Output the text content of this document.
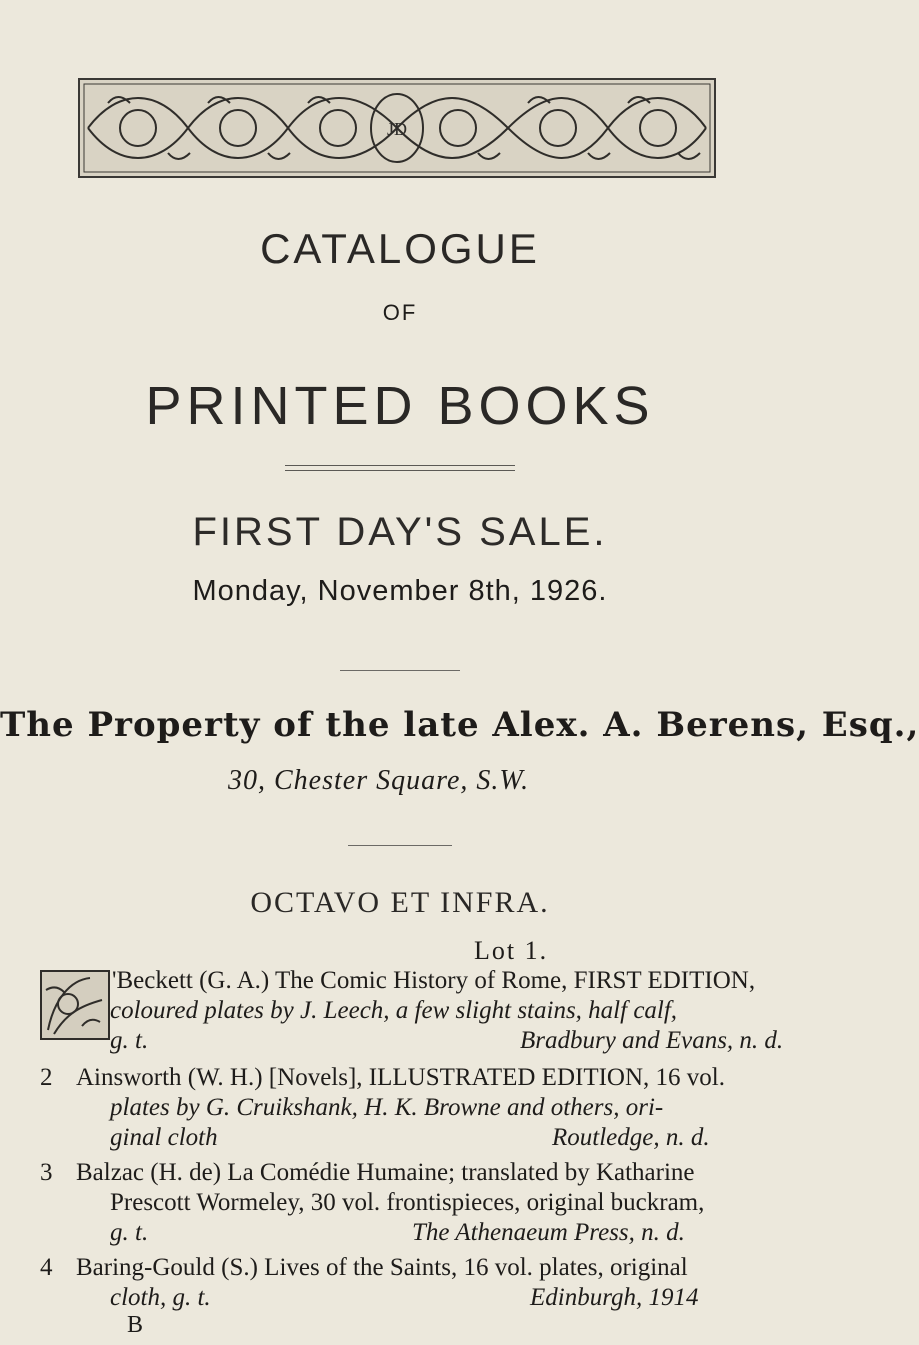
JD
CATALOGUE
OF
PRINTED BOOKS
FIRST DAY'S SALE.
Monday, November 8th, 1926.
The Property of the late Alex. A. Berens, Esq.,
30, Chester Square, S.W.
OCTAVO ET INFRA.
Lot 1.
'Beckett (G. A.) The Comic History of Rome, FIRST EDITION,
coloured plates by J. Leech, a few slight stains, half calf,
g. t.	Bradbury and Evans, n. d.
2 Ainsworth (W. H.) [Novels], ILLUSTRATED EDITION, 16 vol.
plates by G. Cruikshank, H. K. Browne and others, ori-
ginal cloth	Routledge, n. d.
3 Balzac (H. de) La Comédie Humaine; translated by Katharine
Prescott Wormeley, 30 vol. frontispieces, original buckram,
g. t.	The Athenaeum Press, n. d.
4 Baring-Gould (S.) Lives of the Saints, 16 vol. plates, original
cloth, g. t.	Edinburgh, 1914
B
